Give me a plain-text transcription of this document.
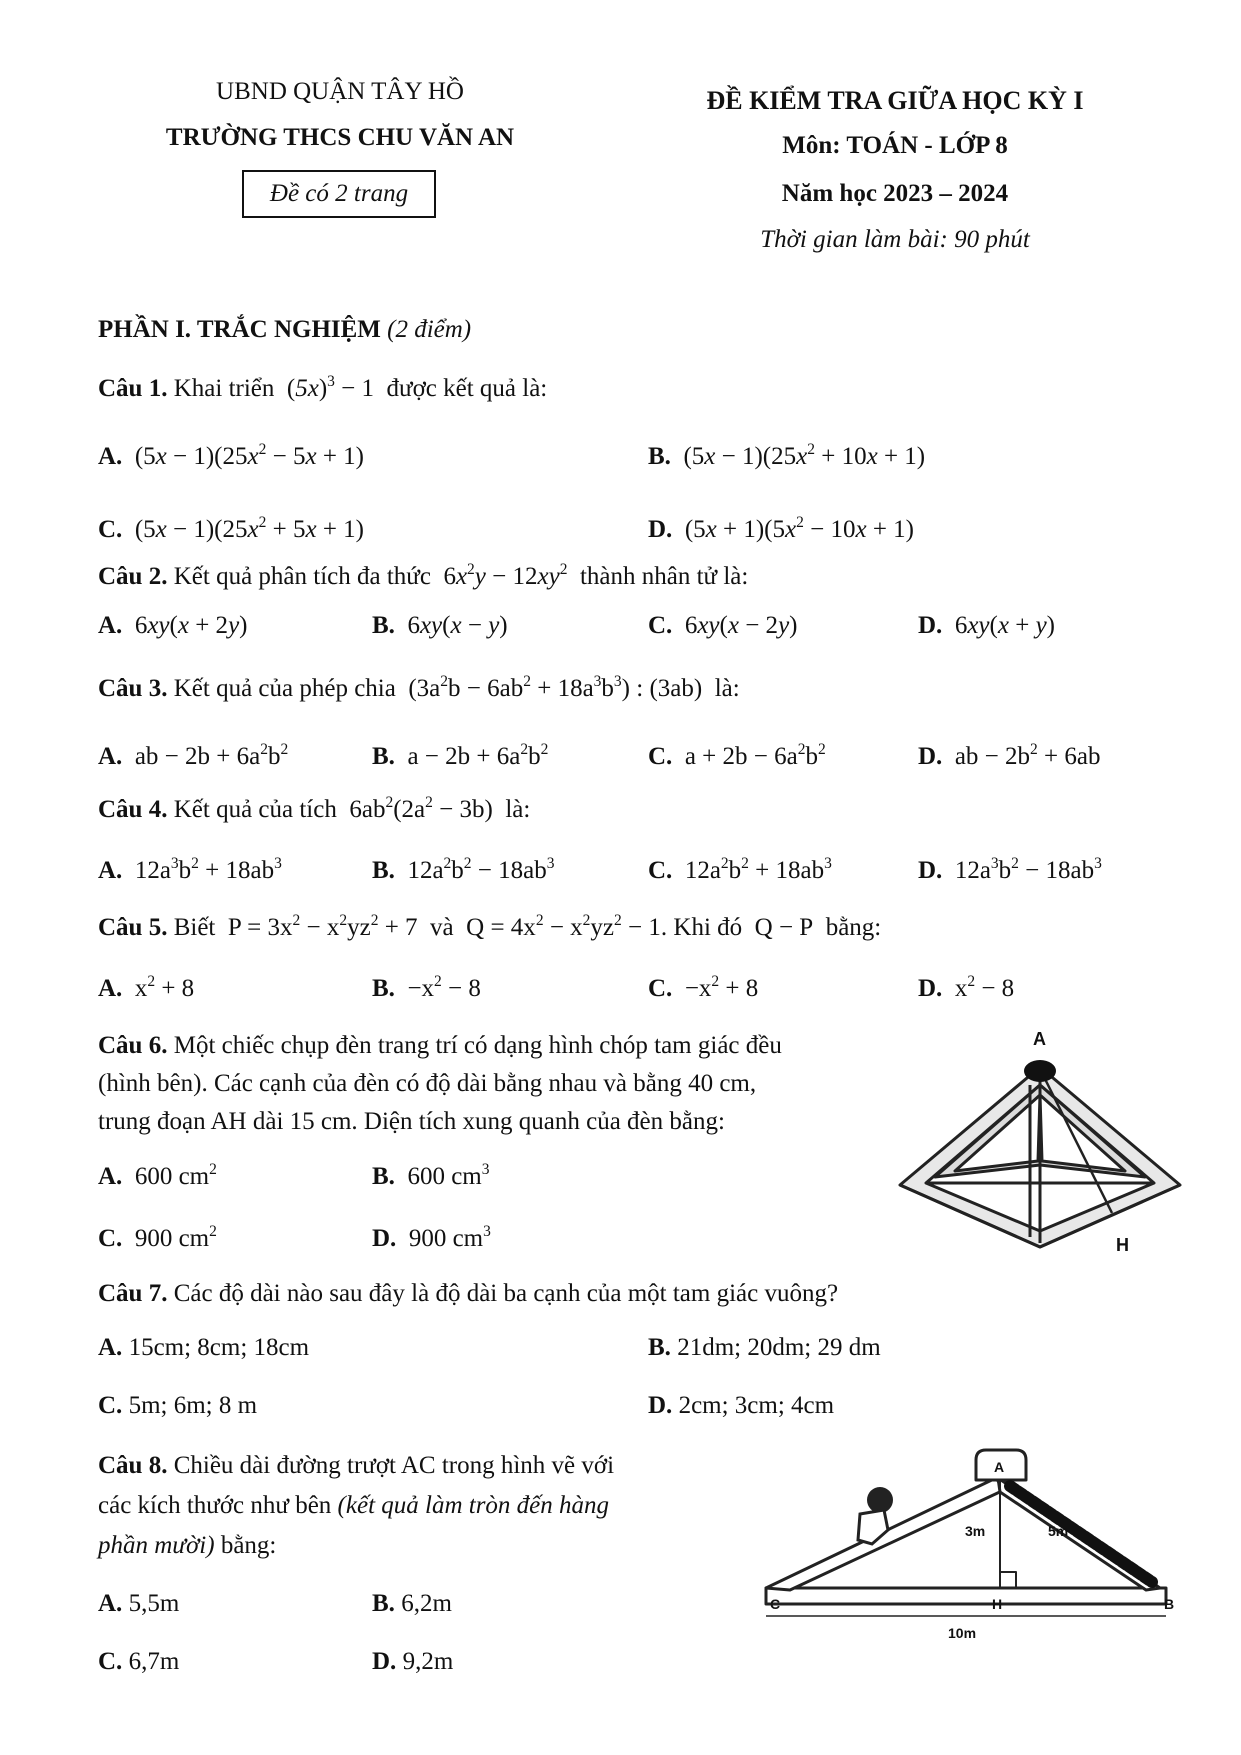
UBND QUẬN TÂY HỒ
TRƯỜNG THCS CHU VĂN AN
Đề có 2 trang
ĐỀ KIỂM TRA GIỮA HỌC KỲ I
Môn: TOÁN - LỚP 8
Năm học 2023 – 2024
Thời gian làm bài: 90 phút
PHẦN I. TRẮC NGHIỆM (2 điểm)
Câu 1. Khai triển  $(5x)^3 - 1$  được kết quả là:
A.  $(5x - 1)(25x^2 - 5x + 1)$	B.  $(5x - 1)(25x^2 + 10x + 1)$
C.  $(5x - 1)(25x^2 + 5x + 1)$	D.  $(5x + 1)(5x^2 - 10x + 1)$
Câu 2. Kết quả phân tích đa thức  $6x^2y - 12xy^2$ thành nhân tử là:
A.  6xy(x + 2y)	B.  6xy(x − y)	C.  6xy(x − 2y)	D.  6xy(x + y)
Câu 3. Kết quả của phép chia  $(3a^2b - 6ab^2 + 18a^3b^3)$ : (3ab)  là:
A.  ab − $2b + 6a^2b^2$	B.  $a - 2b + 6a^2b^2$	C.  $a + 2b - 6a^2b^2$	D.  ab − $2b^2 + 6ab$
Câu 4. Kết quả của tích  $6ab^2(2a^2 - 3b)$  là:
A.  $12a^3b^2 + 18ab^3$	B.  $12a^2b^2 - 18ab^3$	C.  $12a^2b^2 + 18ab^3$	D.  $12a^3b^2 - 18ab^3$
Câu 5. Biết  $P = 3x^2 - x^2yz^2 + 7$  và  $Q = 4x^2 - x^2yz^2 - 1$. Khi đó  Q − P  bằng:
A.  $x^2 + 8$	B.  $-x^2 - 8$	C.  $-x^2 + 8$	D.  $x^2 - 8$
Câu 6. Một chiếc chụp đèn trang trí có dạng hình chóp tam giác đều
(hình bên). Các cạnh của đèn có độ dài bằng nhau và bằng 40 cm,
trung đoạn AH dài 15 cm. Diện tích xung quanh của đèn bằng:
A.  600 $cm^2$	B.  600 $cm^3$
C.  900 $cm^2$	D.  900 $cm^3$
A
H
Câu 7. Các độ dài nào sau đây là độ dài ba cạnh của một tam giác vuông?
A. 15cm; 8cm; 18cm	B. 21dm; 20dm; 29 dm
C. 5m; 6m; 8 m	D. 2cm; 3cm; 4cm
Câu 8. Chiều dài đường trượt AC trong hình vẽ với
các kích thước như bên (kết quả làm tròn đến hàng
phần mười) bằng:
A. 5,5m	B. 6,2m
C. 6,7m	D. 9,2m
C	H	B
A
3m	5m
10m
